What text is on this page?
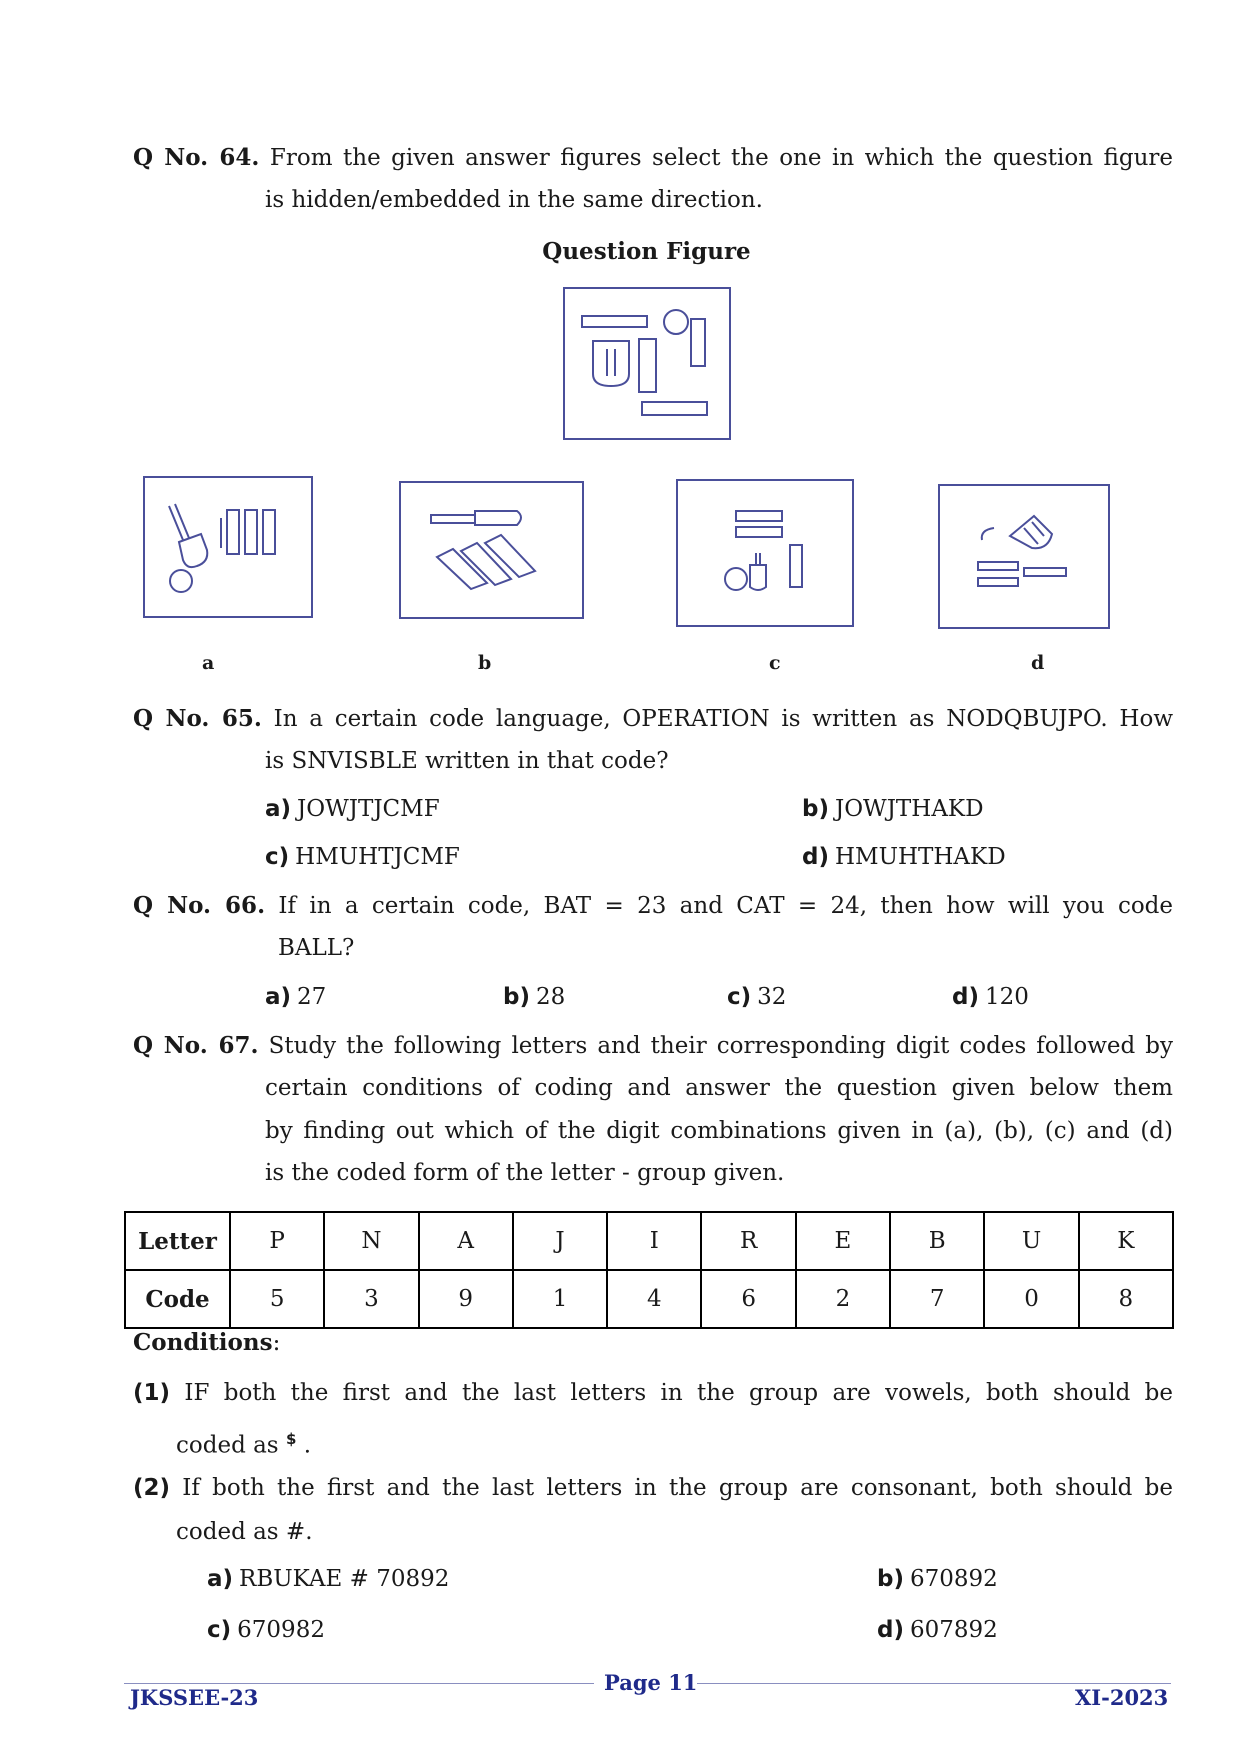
Q No. 64. From the given answer figures select the one in which the question figure
is hidden/embedded in the same direction.
Question Figure
a	b	c	d
Q No. 65. In a certain code language, OPERATION is written as NODQBUJPO. How
is SNVISBLE written in that code?
a) JOWJTJCMF	b) JOWJTHAKD
c) HMUHTJCMF	d) HMUHTHAKD
Q No. 66. If in a certain code, BAT = 23 and CAT = 24, then how will you code
BALL?
a) 27	b) 28	c) 32	d) 120
Q No. 67. Study the following letters and their corresponding digit codes followed by
certain conditions of coding and answer the question given below them
by finding out which of the digit combinations given in (a), (b), (c) and (d)
is the coded form of the letter - group given.
Letter	P	N	A	J	I	R	E	B	U	K
Code	5	3	9	1	4	6	2	7	0	8
Conditions:
(1) IF both the first and the last letters in the group are vowels, both should be
coded as $ .
(2) If both the first and the last letters in the group are consonant, both should be
coded as #.
a) RBUKAE # 70892	b) 670892
c) 670982	d) 607892
JKSSEE-23
Page 11
XI-2023
